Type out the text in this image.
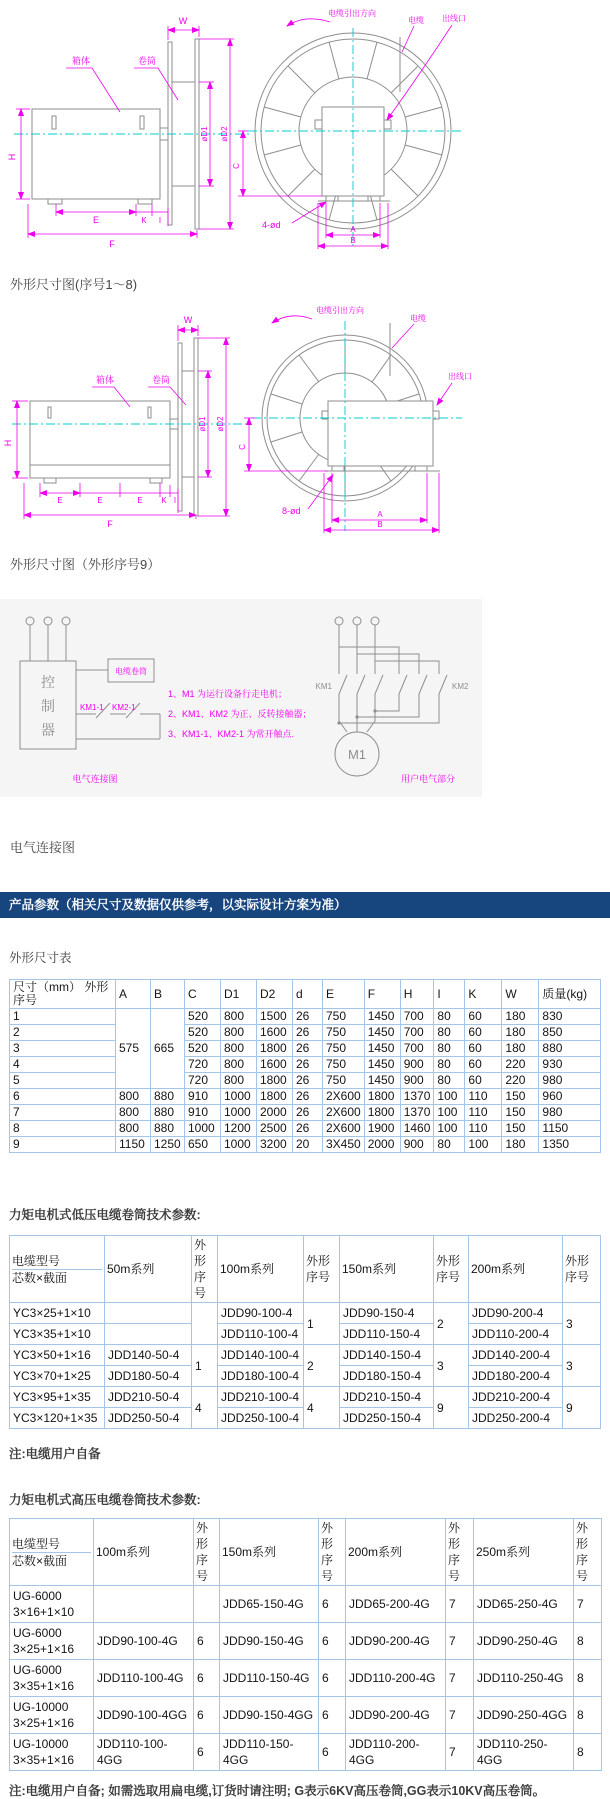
W
H
E	K I
F
øD1 øD2
箱体	卷筒
电缆引出方向
电缆 出线口
C
4-ød	A
B
外形尺寸图(序号1～8)
W
H
E	E	E K I
F
øD1 øD2
箱体	卷筒
电缆引出方向
电缆
出线口
C
8-ød	A
B
外形尺寸图（外形序号9）
控
制
器
电缆卷筒
KM1-1 KM2-1
电气连接图
1、M1 为运行设备行走电机；
2、KM1、KM2 为正、反转接触器；
3、KM1-1、KM2-1 为常开触点.
KM1	KM2
M1
用户电气部分
电气连接图
产品参数（相关尺寸及数据仅供参考，以实际设计方案为准）
外形尺寸表
尺寸（mm） 外形序号	A	B	C	D1	D2	d	E	F	H	I	K	W	质量(kg)
1	575	665	520	800	1500	26	750	1450	700	80	60	180	830
2			520	800	1600	26	750	1450	700	80	60	180	850
3			520	800	1800	26	750	1450	700	80	60	180	880
4			720	800	1600	26	750	1450	900	80	60	220	930
5			720	800	1800	26	750	1450	900	80	60	220	980
6	800	880	910	1000	1800	26	2X600	1800	1370	100	110	150	960
7	800	880	910	1000	2000	26	2X600	1800	1370	100	110	150	980
8	800	880	1000	1200	2500	26	2X600	1900	1460	100	110	150	1150
9	1150	1250	650	1000	3200	20	3X450	2000	900	80	100	180	1350
力矩电机式低压电缆卷筒技术参数:
电缆型号
芯数×截面	50m系列	外形序号	100m系列	外形序号	150m系列	外形序号	200m系列	外形序号
YC3×25+1×10			JDD90-100-4	1	JDD90-150-4	2	JDD90-200-4	3
YC3×35+1×10			JDD110-100-4		JDD110-150-4		JDD110-200-4	
YC3×50+1×16	JDD140-50-4	1	JDD140-100-4	2	JDD140-150-4	3	JDD140-200-4	3
YC3×70+1×25	JDD180-50-4		JDD180-100-4		JDD180-150-4		JDD180-200-4	
YC3×95+1×35	JDD210-50-4	4	JDD210-100-4	4	JDD210-150-4	9	JDD210-200-4	9
YC3×120+1×35	JDD250-50-4		JDD250-100-4		JDD250-150-4		JDD250-200-4	
注:电缆用户自备
力矩电机式高压电缆卷筒技术参数:
电缆型号
芯数×截面	100m系列	外形序号	150m系列	外形序号	200m系列	外形序号	250m系列	外形序号
UG-6000 3×16+1×10			JDD65-150-4G	6	JDD65-200-4G	7	JDD65-250-4G	7
UG-6000 3×25+1×16	JDD90-100-4G	6	JDD90-150-4G	6	JDD90-200-4G	7	JDD90-250-4G	8
UG-6000 3×35+1×16	JDD110-100-4G	6	JDD110-150-4G	6	JDD110-200-4G	7	JDD110-250-4G	8
UG-10000 3×25+1×16	JDD90-100-4GG	6	JDD90-150-4GG	6	JDD90-200-4G	7	JDD90-250-4GG	8
UG-10000 3×35+1×16	JDD110-100-4GG	6	JDD110-150-4GG	6	JDD110-200-4GG	7	JDD110-250-4GG	8
注:电缆用户自备; 如需选取用扁电缆,订货时请注明; G表示6KV高压卷筒,GG表示10KV高压卷筒。
